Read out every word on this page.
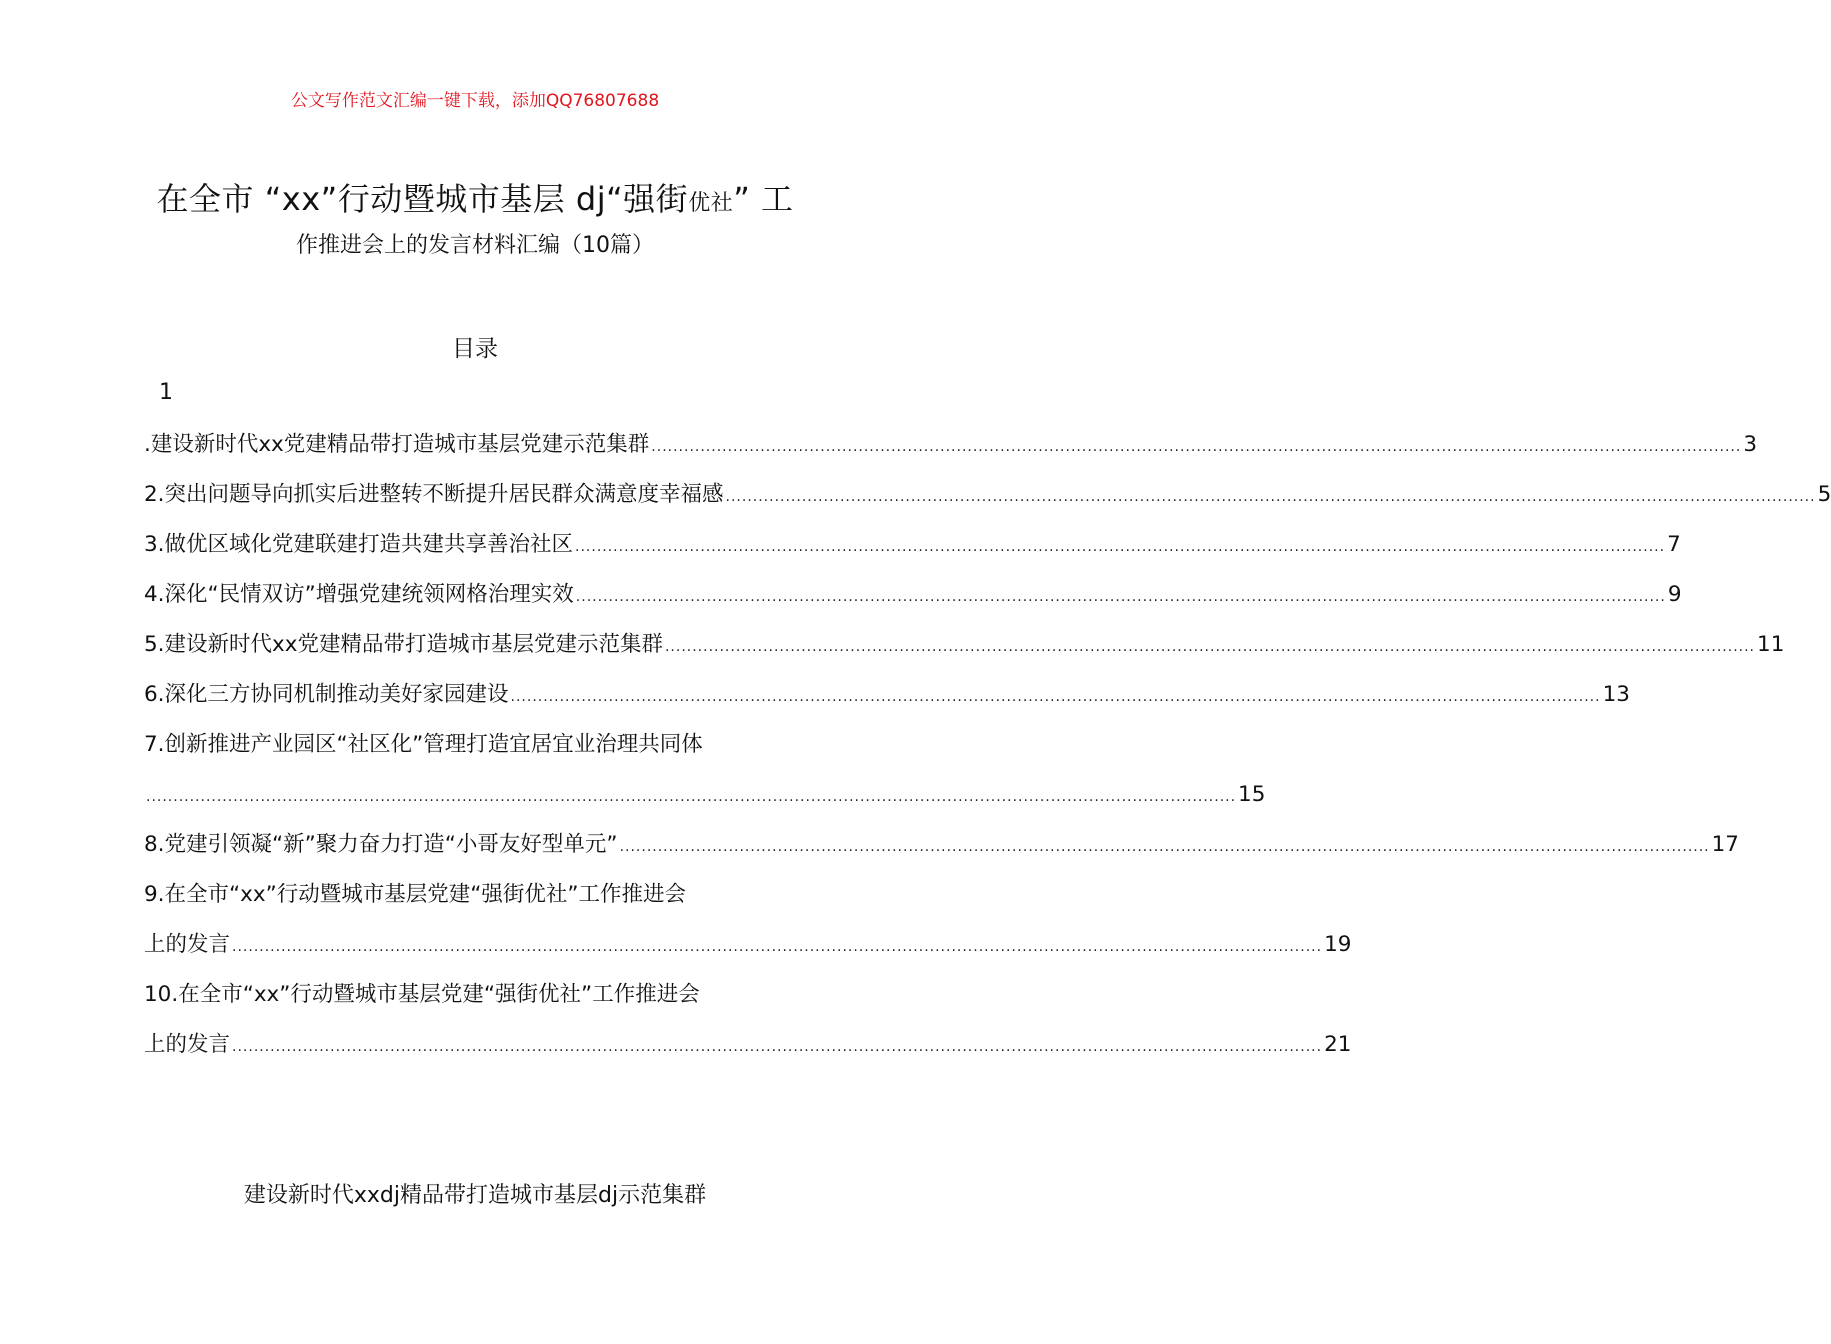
公文写作范文汇编一键下载，添加QQ76807688
在全市 “xx”行动暨城市基层 dj“强街优社” 工
作推进会上的发言材料汇编（10篇）
目录
1
.建设新时代xx党建精品带打造城市基层党建示范集群 ........................................................................................................................................................................................................ 3
2.突出问题导向抓实后进整转不断提升居民群众满意度幸福感 ........................................................................................................................................................................................................ 5
3.做优区域化党建联建打造共建共享善治社区 ........................................................................................................................................................................................................ 7
4.深化“民情双访”增强党建统领网格治理实效 ........................................................................................................................................................................................................ 9
5.建设新时代xx党建精品带打造城市基层党建示范集群 ........................................................................................................................................................................................................ 11
6.深化三方协同机制推动美好家园建设 ........................................................................................................................................................................................................ 13
7.创新推进产业园区“社区化”管理打造宜居宜业治理共同体
........................................................................................................................................................................................................ 15
8.党建引领凝“新”聚力奋力打造“小哥友好型单元” ........................................................................................................................................................................................................ 17
9.在全市“xx”行动暨城市基层党建“强街优社”工作推进会
上的发言 ........................................................................................................................................................................................................ 19
10.在全市“xx”行动暨城市基层党建“强街优社”工作推进会
上的发言 ........................................................................................................................................................................................................ 21
建设新时代xxdj精品带打造城市基层dj示范集群
